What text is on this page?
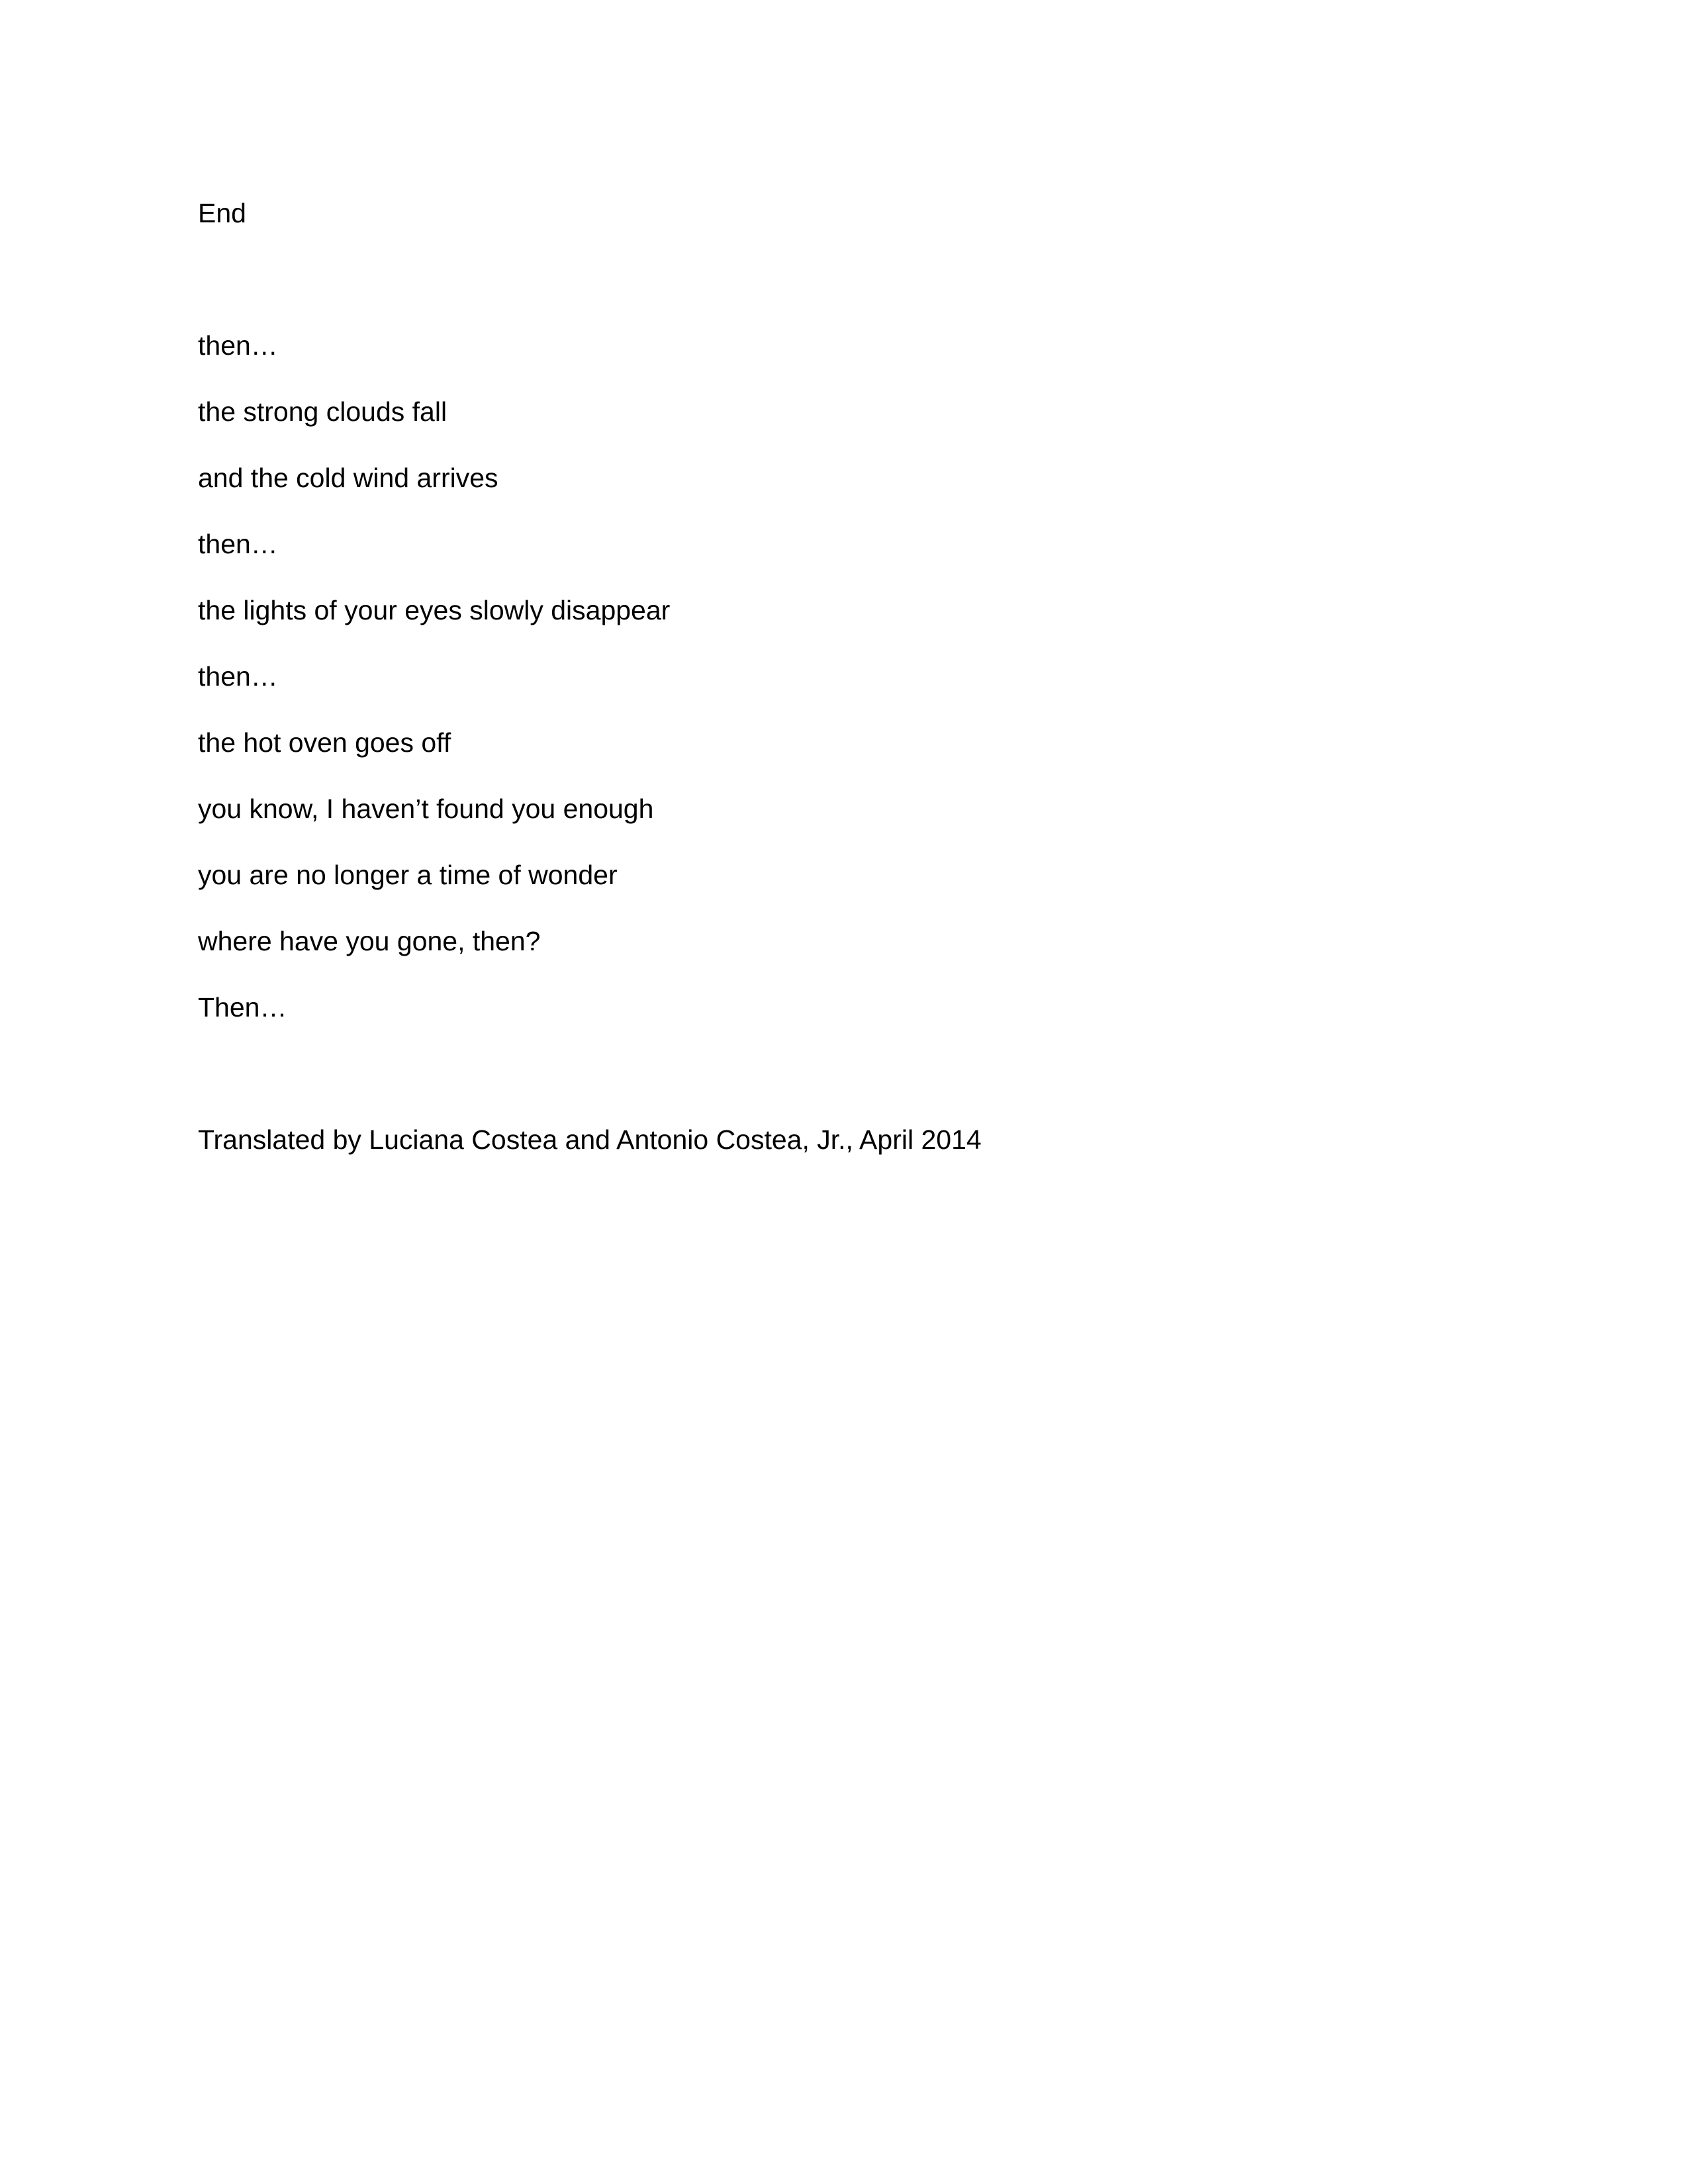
End
then…
the strong clouds fall
and the cold wind arrives
then…
the lights of your eyes slowly disappear
then…
the hot oven goes off
you know, I haven’t found you enough
you are no longer a time of wonder
where have you gone, then?
Then…
Translated by Luciana Costea and Antonio Costea, Jr., April 2014
